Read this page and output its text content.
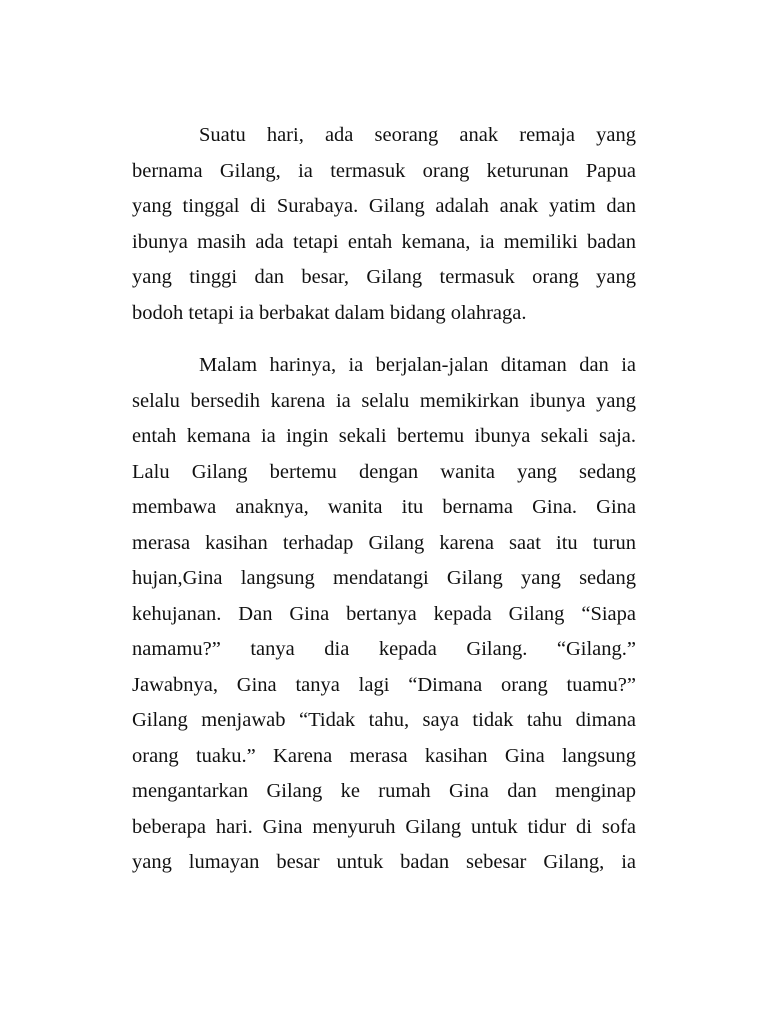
Suatu hari, ada seorang anak remaja yang
bernama Gilang, ia termasuk orang keturunan Papua
yang tinggal di Surabaya. Gilang adalah anak yatim dan
ibunya masih ada tetapi entah kemana, ia memiliki badan
yang tinggi dan besar, Gilang termasuk orang yang
bodoh tetapi ia berbakat dalam bidang olahraga.
Malam harinya, ia berjalan-jalan ditaman dan ia
selalu bersedih karena ia selalu memikirkan ibunya yang
entah kemana ia ingin sekali bertemu ibunya sekali saja.
Lalu Gilang bertemu dengan wanita yang sedang
membawa anaknya, wanita itu bernama Gina. Gina
merasa kasihan terhadap Gilang karena saat itu turun
hujan,Gina langsung mendatangi Gilang yang sedang
kehujanan. Dan Gina bertanya kepada Gilang “Siapa
namamu?” tanya dia kepada Gilang. “Gilang.”
Jawabnya, Gina tanya lagi “Dimana orang tuamu?”
Gilang menjawab “Tidak tahu, saya tidak tahu dimana
orang tuaku.” Karena merasa kasihan Gina langsung
mengantarkan Gilang ke rumah Gina dan menginap
beberapa hari. Gina menyuruh Gilang untuk tidur di sofa
yang lumayan besar untuk badan sebesar Gilang, ia
